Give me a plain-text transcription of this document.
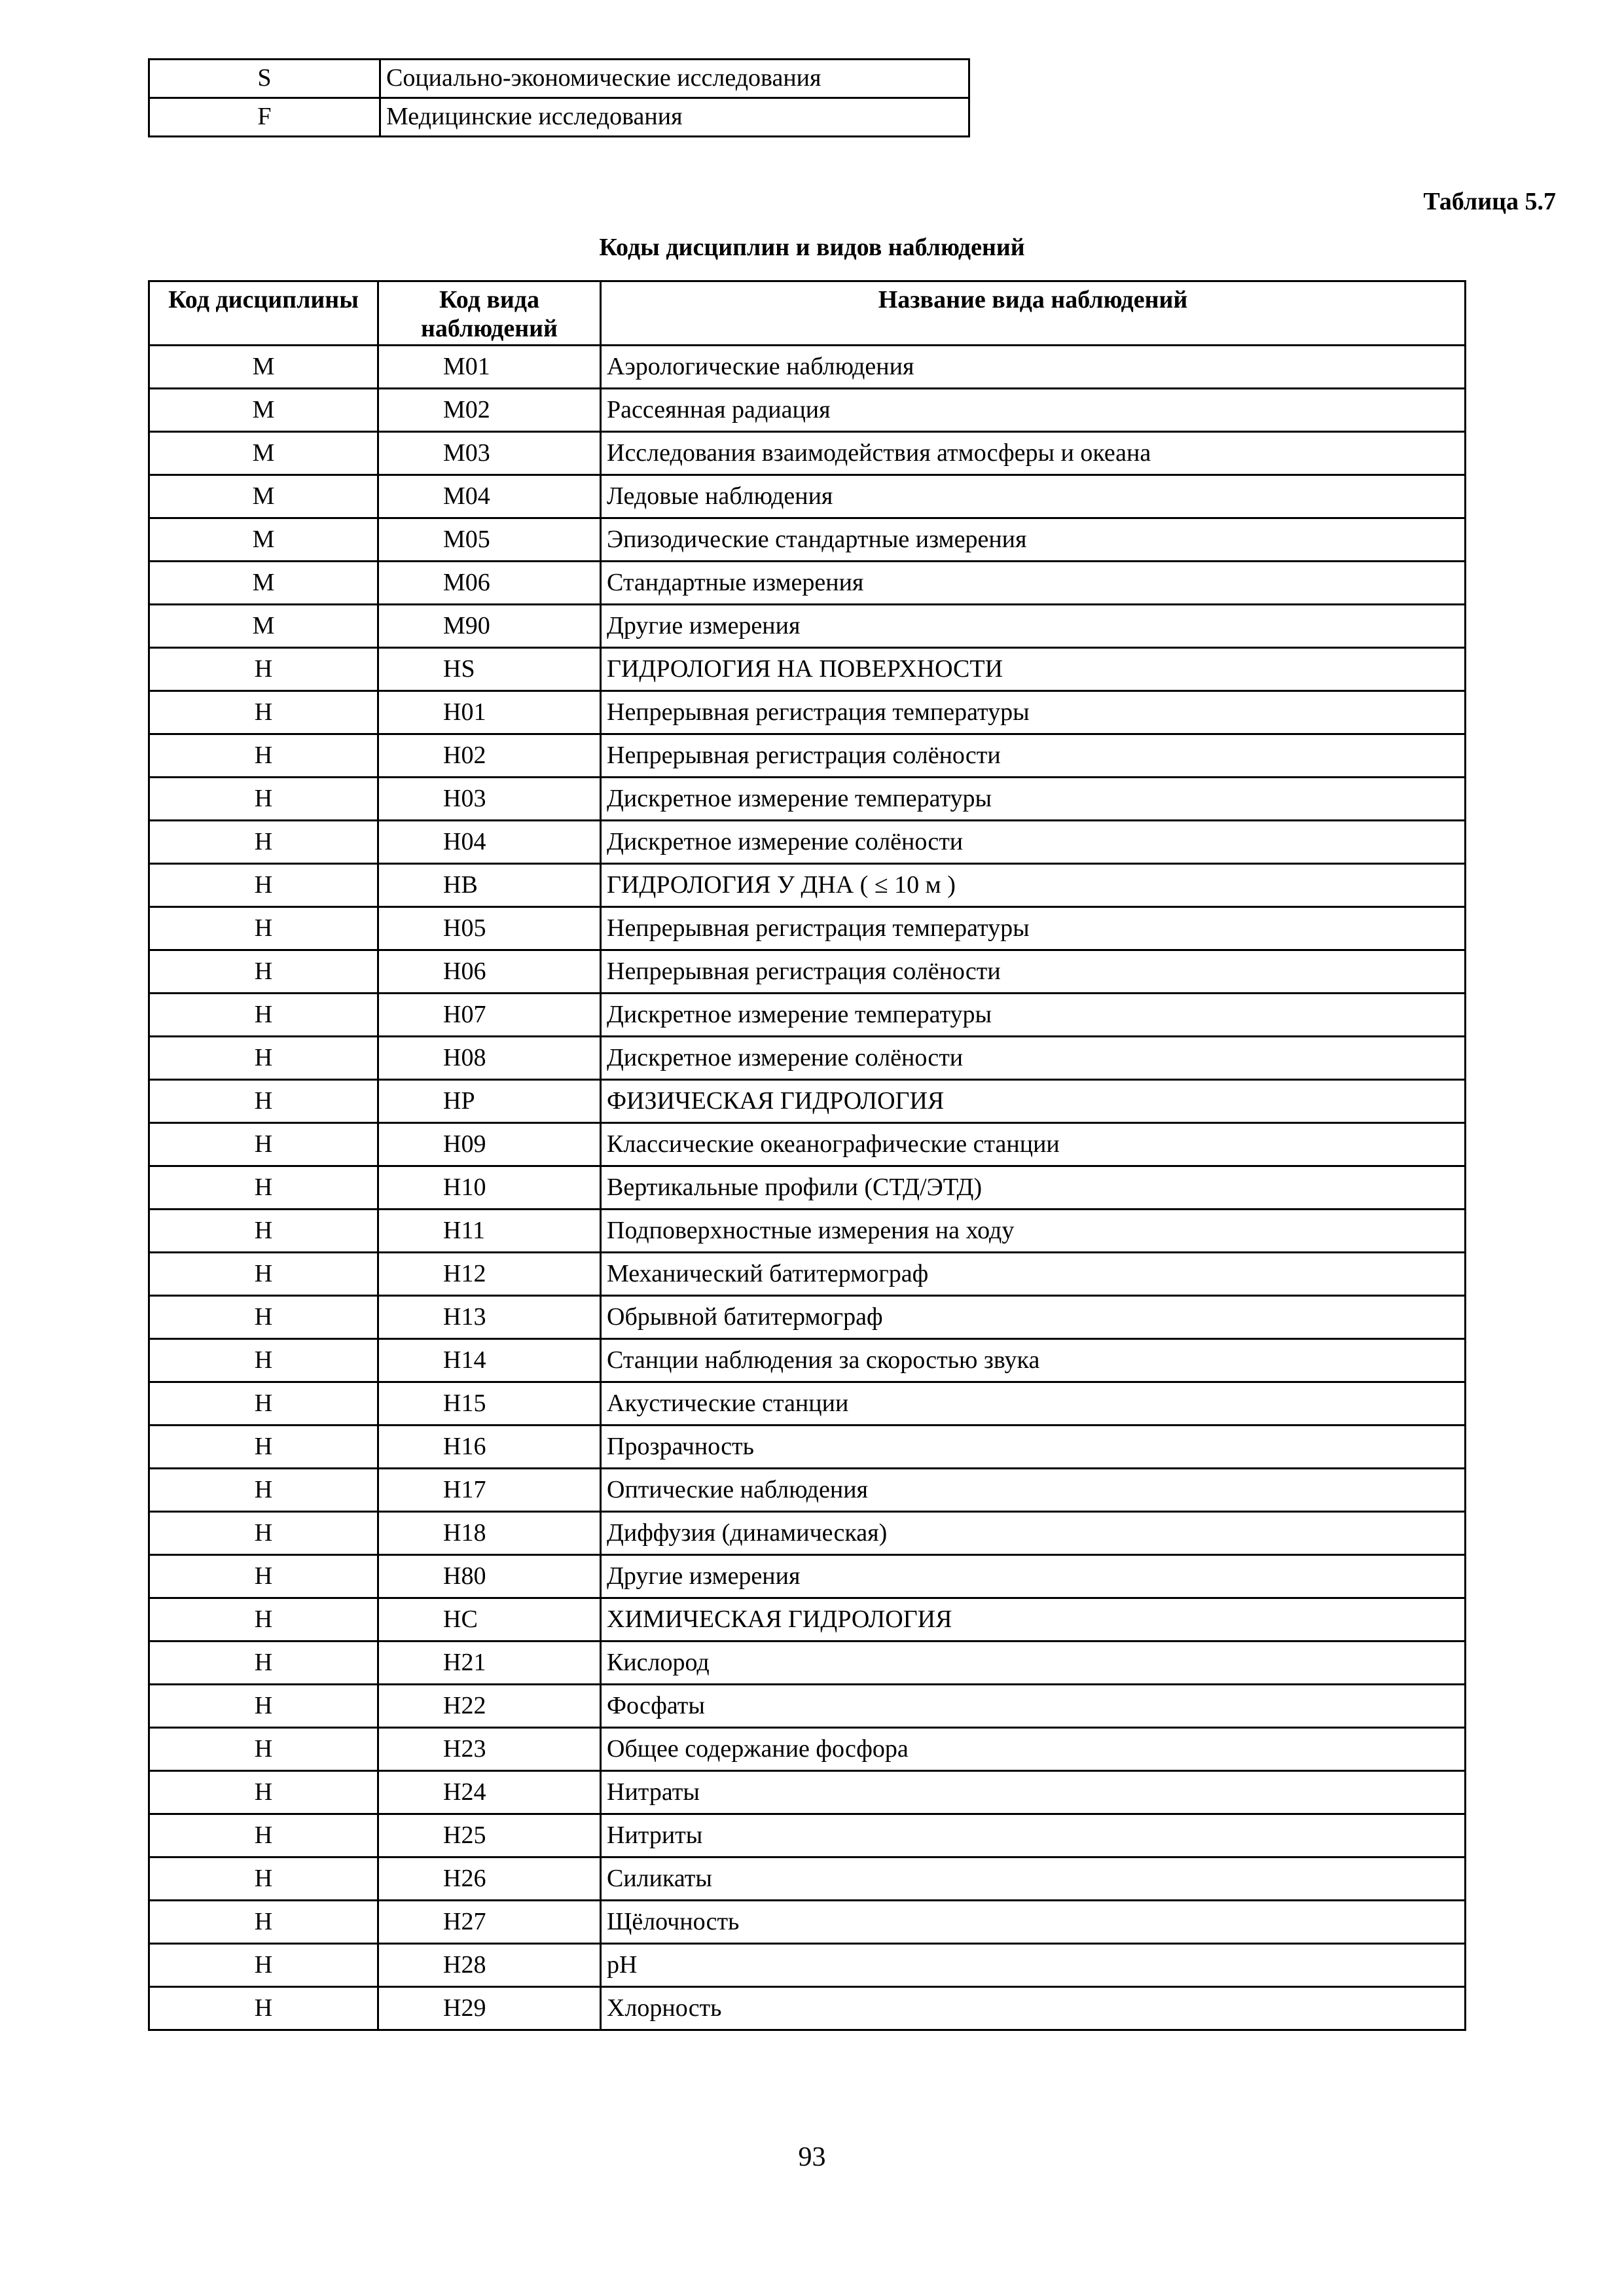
S	Социально-экономические исследования
F	Медицинские исследования
Таблица 5.7
Коды дисциплин и видов наблюдений
Код дисциплины	Код вида наблюдений	Название вида наблюдений
M	M01	Аэрологические наблюдения
M	M02	Рассеянная радиация
M	M03	Исследования взаимодействия атмосферы и океана
M	M04	Ледовые наблюдения
M	M05	Эпизодические стандартные измерения
M	M06	Стандартные измерения
M	M90	Другие измерения
H	HS	ГИДРОЛОГИЯ НА ПОВЕРХНОСТИ
H	H01	Непрерывная регистрация температуры
H	H02	Непрерывная регистрация солёности
H	H03	Дискретное измерение температуры
H	H04	Дискретное измерение солёности
H	HB	ГИДРОЛОГИЯ У ДНА ( ≤ 10 м )
H	H05	Непрерывная регистрация температуры
H	H06	Непрерывная регистрация солёности
H	H07	Дискретное измерение температуры
H	H08	Дискретное измерение солёности
H	HP	ФИЗИЧЕСКАЯ ГИДРОЛОГИЯ
H	H09	Классические океанографические станции
H	H10	Вертикальные профили (СТД/ЭТД)
H	H11	Подповерхностные измерения на ходу
H	H12	Механический батитермограф
H	H13	Обрывной батитермограф
H	H14	Станции наблюдения за скоростью звука
H	H15	Акустические станции
H	H16	Прозрачность
H	H17	Оптические наблюдения
H	H18	Диффузия (динамическая)
H	H80	Другие измерения
H	HC	ХИМИЧЕСКАЯ ГИДРОЛОГИЯ
H	H21	Кислород
H	H22	Фосфаты
H	H23	Общее содержание фосфора
H	H24	Нитраты
H	H25	Нитриты
H	H26	Силикаты
H	H27	Щёлочность
H	H28	pH
H	H29	Хлорность
93
